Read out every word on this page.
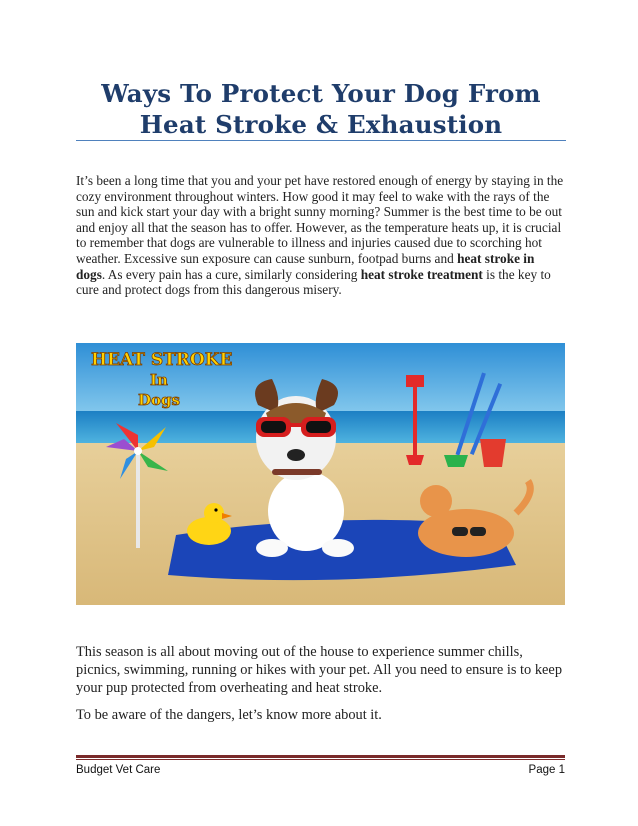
Ways To Protect Your Dog From
Heat Stroke & Exhaustion
It’s been a long time that you and your pet have restored enough of energy by staying in the cozy environment throughout winters. How good it may feel to wake with the rays of the sun and kick start your day with a bright sunny morning? Summer is the best time to be out and enjoy all that the season has to offer. However, as the temperature heats up, it is crucial to remember that dogs are vulnerable to illness and injuries caused due to scorching hot weather. Excessive sun exposure can cause sunburn, footpad burns and heat stroke in dogs. As every pain has a cure, similarly considering heat stroke treatment is the key to cure and protect dogs from this dangerous misery.
HEAT STROKE
In
Dogs
This season is all about moving out of the house to experience summer chills, picnics, swimming, running or hikes with your pet. All you need to ensure is to keep your pup protected from overheating and heat stroke.
To be aware of the dangers, let’s know more about it.
Budget Vet Care	Page 1
